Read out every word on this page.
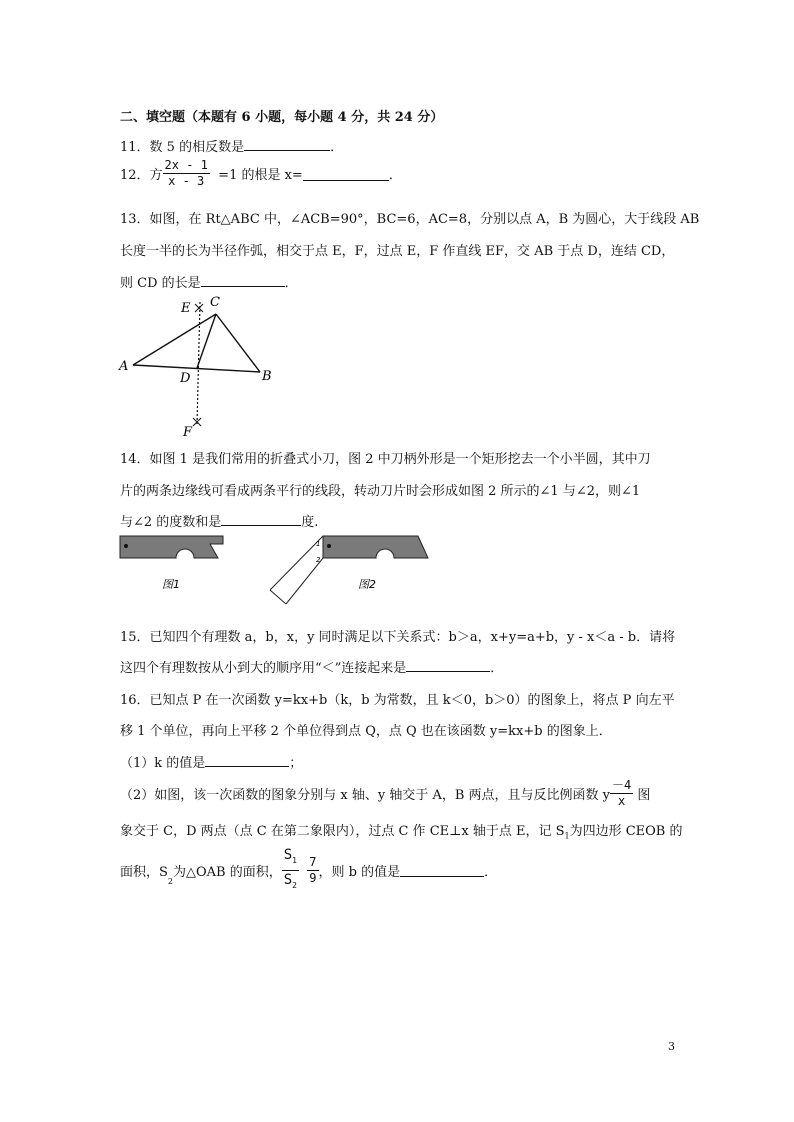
二、填空题（本题有 6 小题，每小题 4 分，共 24 分）
11．数 5 的相反数是	．
12．方 $\frac{2x - 1}{x - 3} =1$ 的根是 x=	．
13．如图，在 Rt△ABC 中，∠ACB=90°，BC=6，AC=8，分别以点 A，B 为圆心，大于线段 AB
长度一半的长为半径作弧，相交于点 E，F，过点 E，F 作直线 EF，交 AB 于点 D，连结 CD，
则 CD 的长是	．
E C
A
D	B
F
14．如图 1 是我们常用的折叠式小刀，图 2 中刀柄外形是一个矩形挖去一个小半圆，其中刀
片的两条边缘线可看成两条平行的线段，转动刀片时会形成如图 2 所示的∠1 与∠2，则∠1
与∠2 的度数和是	度.
图1
1
2
图2
15．已知四个有理数 a，b，x，y 同时满足以下关系式：b＞a，x+y=a+b，y - x＜a - b．请将
这四个有理数按从小到大的顺序用“＜”连接起来是	．
16．已知点 P 在一次函数 y=kx+b（k，b 为常数，且 k＜0，b＞0）的图象上，将点 P 向左平
移 1 个单位，再向上平移 2 个单位得到点 Q，点 Q 也在该函数 y=kx+b 的图象上．
（1）k 的值是	；
（2）如图，该一次函数的图象分别与 x 轴、y 轴交于 A，B 两点，且与反比例函数 y $\frac{-4}{x}$ 图
象交于 C，D 两点（点 C 在第二象限内），过点 C 作 CE⊥x 轴于点 E，记 $S_1$为四边形 CEOB 的
面积，$S_2$为△OAB 的面积， $\frac{S_1}{S_2}$
$\frac{7}{9}$ ，则 b 的值是	．
3
